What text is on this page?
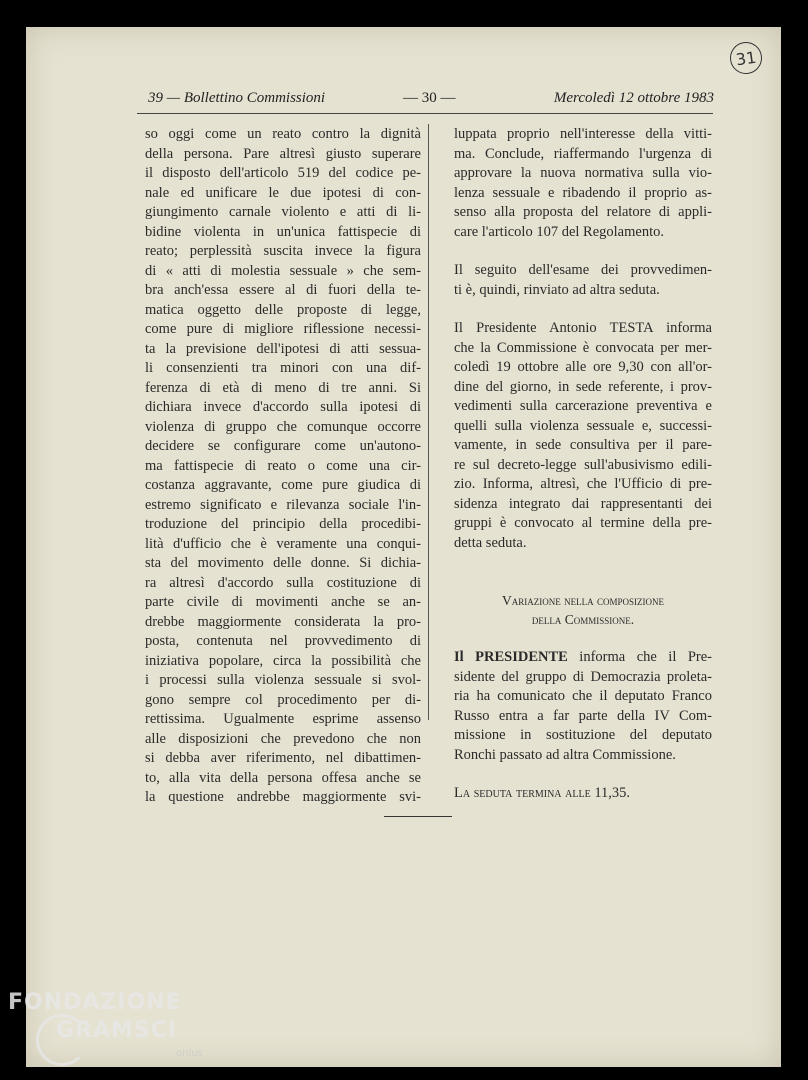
31
39 — Bollettino Commissioni	— 30 —	Mercoledì 12 ottobre 1983

so oggi come un reato contro la dignità

della persona. Pare altresì giusto superare

il disposto dell'articolo 519 del codice pe-

nale ed unificare le due ipotesi di con-

giungimento carnale violento e atti di li-

bidine violenta in un'unica fattispecie di

reato; perplessità suscita invece la figura

di « atti di molestia sessuale » che sem-

bra anch'essa essere al di fuori della te-

matica oggetto delle proposte di legge,

come pure di migliore riflessione necessi-

ta la previsione dell'ipotesi di atti sessua-

li consenzienti tra minori con una dif-

ferenza di età di meno di tre anni. Si

dichiara invece d'accordo sulla ipotesi di

violenza di gruppo che comunque occorre

decidere se configurare come un'autono-

ma fattispecie di reato o come una cir-

costanza aggravante, come pure giudica di

estremo significato e rilevanza sociale l'in-

troduzione del principio della procedibi-

lità d'ufficio che è veramente una conqui-

sta del movimento delle donne. Si dichia-

ra altresì d'accordo sulla costituzione di

parte civile di movimenti anche se an-

drebbe maggiormente considerata la pro-

posta, contenuta nel provvedimento di

iniziativa popolare, circa la possibilità che

i processi sulla violenza sessuale si svol-

gono sempre col procedimento per di-

rettissima. Ugualmente esprime assenso

alle disposizioni che prevedono che non

si debba aver riferimento, nel dibattimen-

to, alla vita della persona offesa anche se

la questione andrebbe maggiormente svi-

luppata proprio nell'interesse della vitti-

ma. Conclude, riaffermando l'urgenza di

approvare la nuova normativa sulla vio-

lenza sessuale e ribadendo il proprio as-

senso alla proposta del relatore di appli-

care l'articolo 107 del Regolamento.

Il seguito dell'esame dei provvedimen-

ti è, quindi, rinviato ad altra seduta.

Il Presidente Antonio TESTA informa

che la Commissione è convocata per mer-

coledì 19 ottobre alle ore 9,30 con all'or-

dine del giorno, in sede referente, i prov-

vedimenti sulla carcerazione preventiva e

quelli sulla violenza sessuale e, successi-

vamente, in sede consultiva per il pare-

re sul decreto-legge sull'abusivismo edili-

zio. Informa, altresì, che l'Ufficio di pre-

sidenza integrato dai rappresentanti dei

gruppi è convocato al termine della pre-

detta seduta.

Variazione nella composizione
della Commissione.

Il PRESIDENTE informa che il Pre-

sidente del gruppo di Democrazia proleta-

ria ha comunicato che il deputato Franco

Russo entra a far parte della IV Com-

missione in sostituzione del deputato

Ronchi passato ad altra Commissione.

La seduta termina alle 11,35.
FONDAZIONE
GRAMSCI
onlus
